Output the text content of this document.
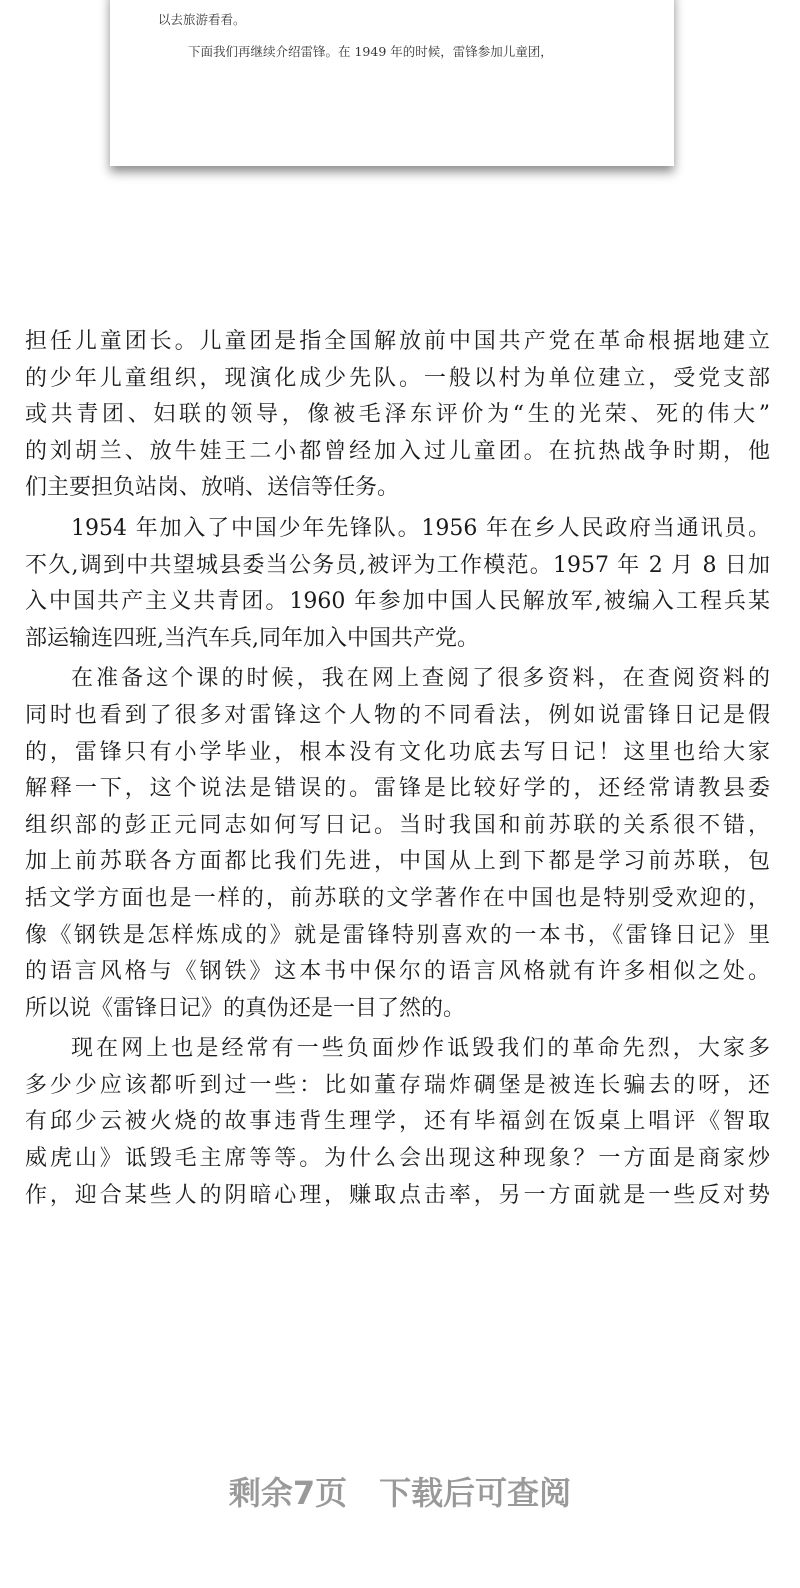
以去旅游看看。
下面我们再继续介绍雷锋。在 1949 年的时候，雷锋参加儿童团，
担任儿童团长。儿童团是指全国解放前中国共产党在革命根据地建立
的少年儿童组织，现演化成少先队。一般以村为单位建立，受党支部
或共青团、妇联的领导，像被毛泽东评价为“生的光荣、死的伟大”
的刘胡兰、放牛娃王二小都曾经加入过儿童团。在抗热战争时期，他
们主要担负站岗、放哨、送信等任务。
1954 年加入了中国少年先锋队。1956 年在乡人民政府当通讯员。
不久,调到中共望城县委当公务员,被评为工作模范。1957 年 2 月 8 日加
入中国共产主义共青团。1960 年参加中国人民解放军,被编入工程兵某
部运输连四班,当汽车兵,同年加入中国共产党。
在准备这个课的时候，我在网上查阅了很多资料，在查阅资料的
同时也看到了很多对雷锋这个人物的不同看法，例如说雷锋日记是假
的，雷锋只有小学毕业，根本没有文化功底去写日记！这里也给大家
解释一下，这个说法是错误的。雷锋是比较好学的，还经常请教县委
组织部的彭正元同志如何写日记。当时我国和前苏联的关系很不错，
加上前苏联各方面都比我们先进，中国从上到下都是学习前苏联，包
括文学方面也是一样的，前苏联的文学著作在中国也是特别受欢迎的，
像《钢铁是怎样炼成的》就是雷锋特别喜欢的一本书，《雷锋日记》里
的语言风格与《钢铁》这本书中保尔的语言风格就有许多相似之处。
所以说《雷锋日记》的真伪还是一目了然的。
现在网上也是经常有一些负面炒作诋毁我们的革命先烈，大家多
多少少应该都听到过一些：比如董存瑞炸碉堡是被连长骗去的呀，还
有邱少云被火烧的故事违背生理学，还有毕福剑在饭桌上唱评《智取
威虎山》诋毁毛主席等等。为什么会出现这种现象？一方面是商家炒
作，迎合某些人的阴暗心理，赚取点击率，另一方面就是一些反对势
剩余7页　下载后可查阅
